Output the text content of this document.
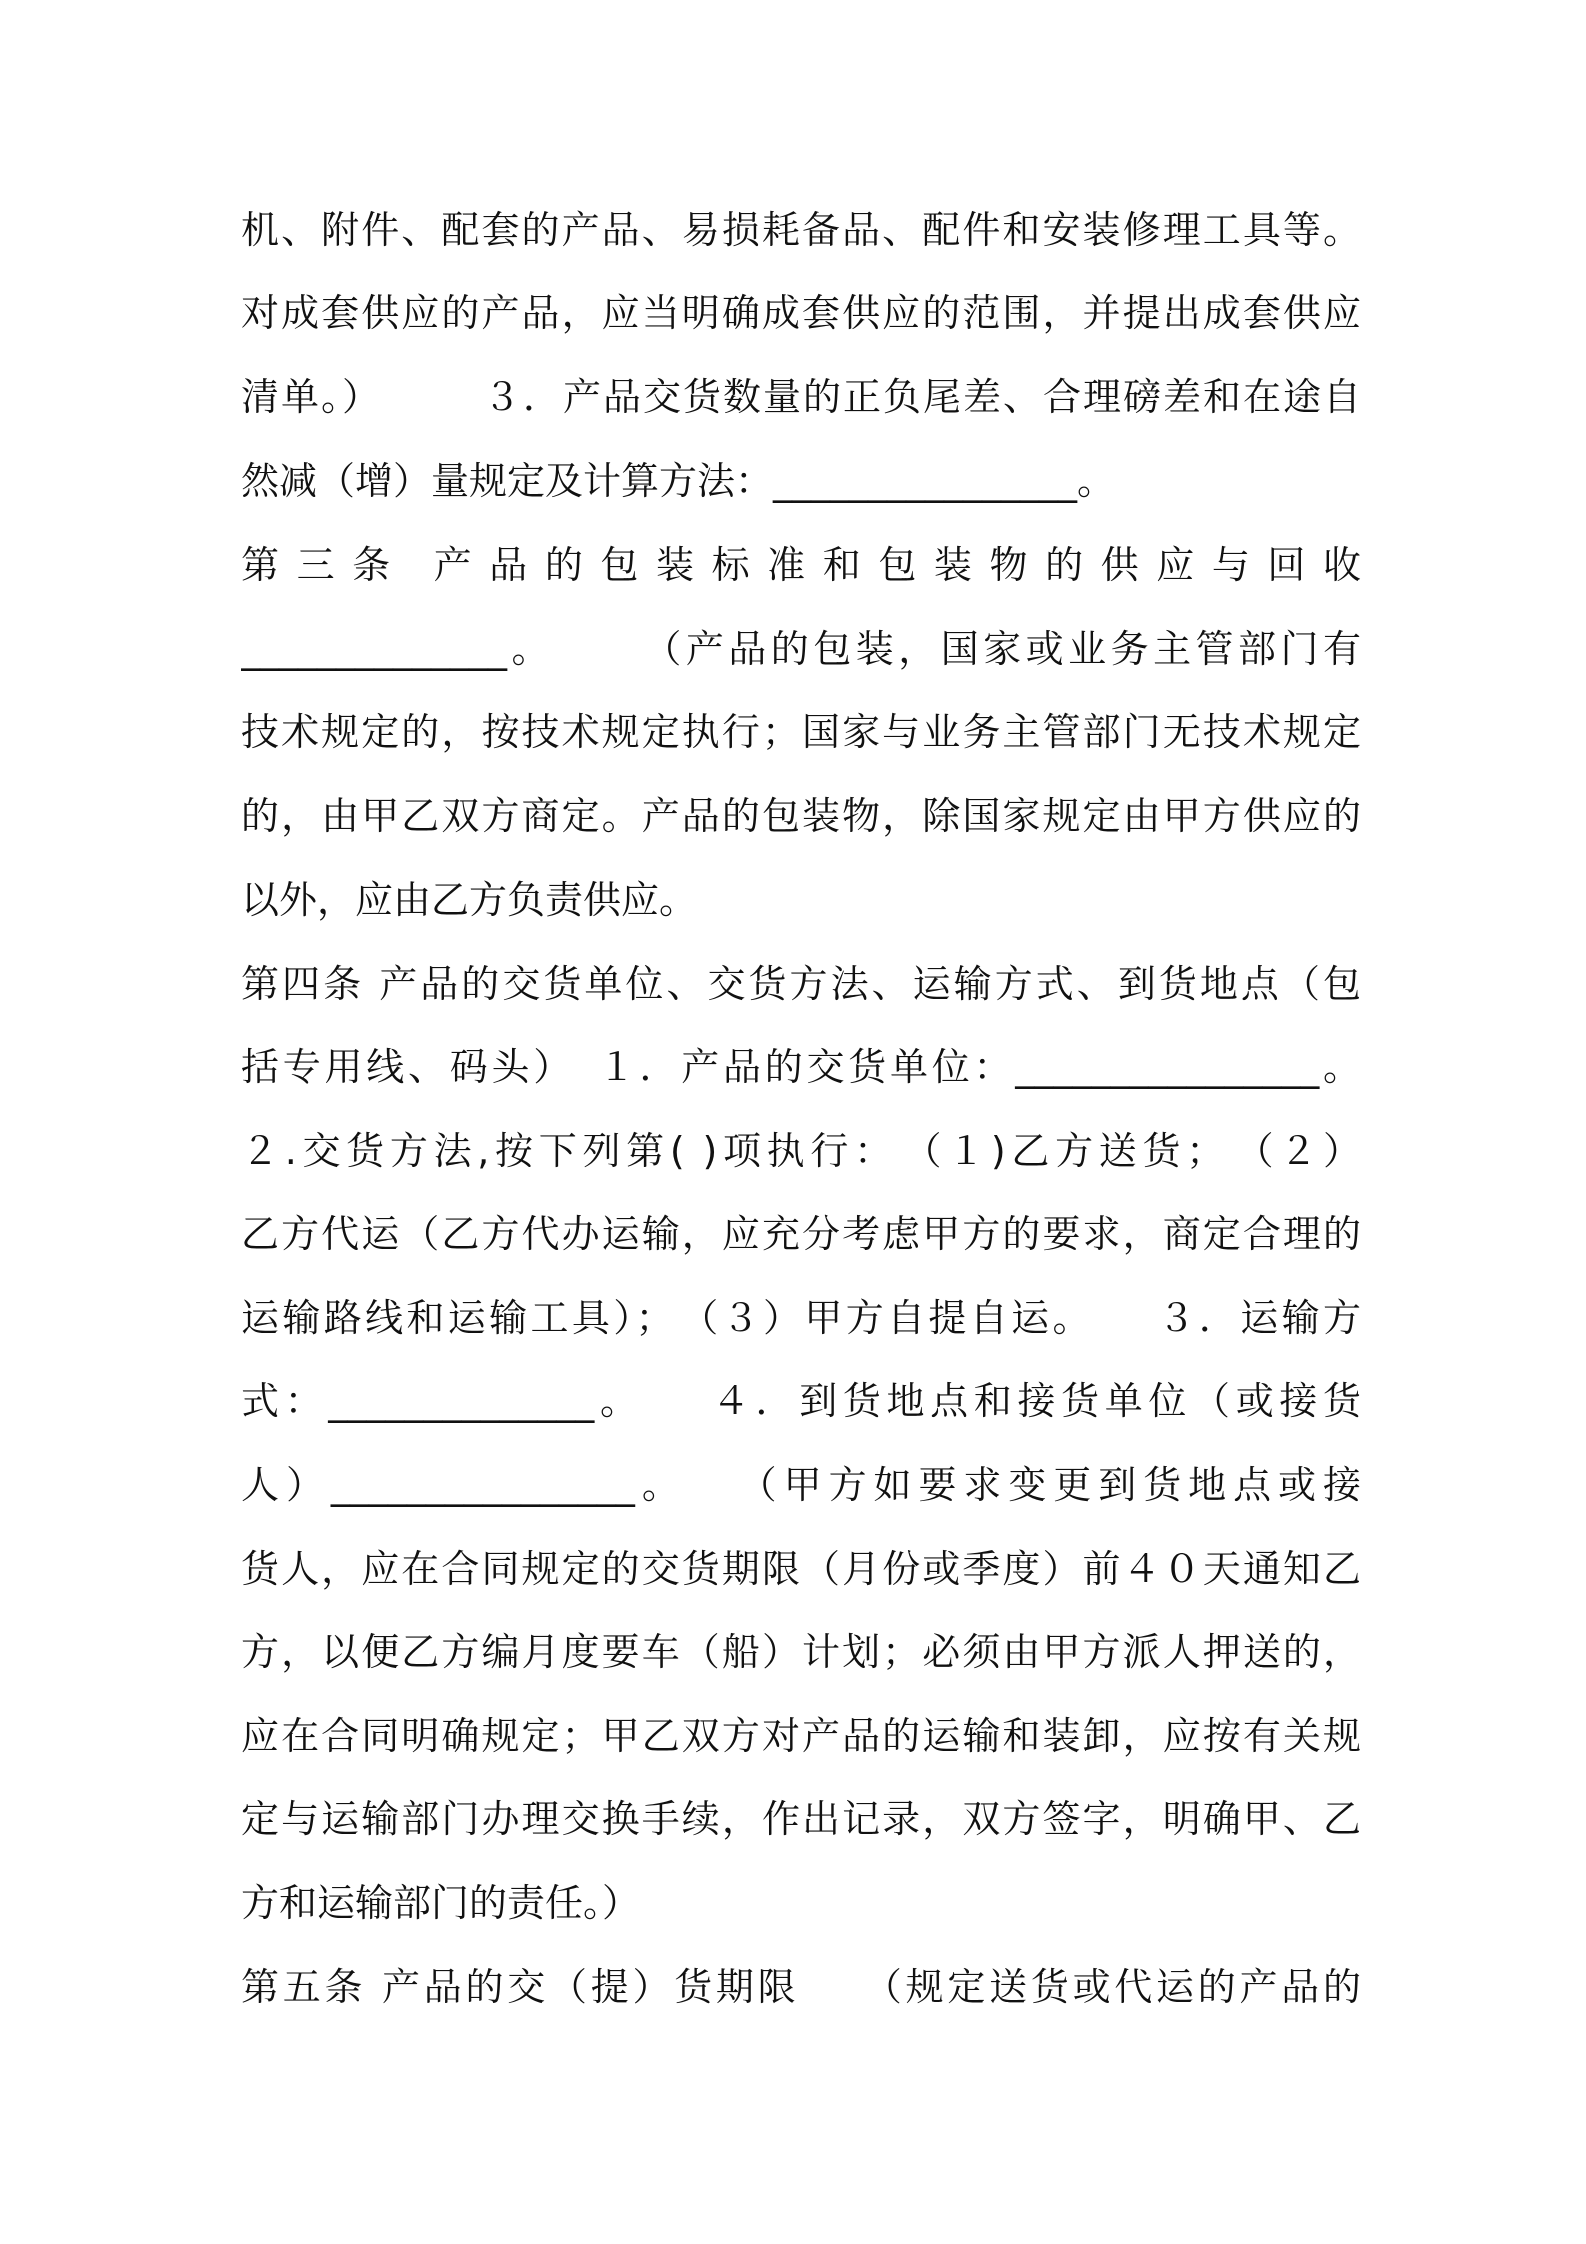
机、附件、配套的产品、易损耗备品、配件和安装修理工具等。
对成套供应的产品，应当明确成套供应的范围，并提出成套供应
清单。）　　　３．产品交货数量的正负尾差、合理磅差和在途自
然减（增）量规定及计算方法：________________。
第 三 条　产 品 的 包 装 标 准 和 包 装 物 的 供 应 与 回 收
______________。　　　（产品的包装，国家或业务主管部门有
技术规定的，按技术规定执行；国家与业务主管部门无技术规定
的，由甲乙双方商定。产品的包装物，除国家规定由甲方供应的
以外，应由乙方负责供应。
第四条 产品的交货单位、交货方法、运输方式、到货地点（包
括专用线、码头）　１．产品的交货单位：________________。
２.交货方法,按下列第( )项执行：　（１)乙方送货；　（２）
乙方代运（乙方代办运输，应充分考虑甲方的要求，商定合理的
运输路线和运输工具）；　（３）甲方自提自运。　　３．运输方
式：______________。　　４．到货地点和接货单位（或接货
人）________________。　　（甲方如要求变更到货地点或接
货人，应在合同规定的交货期限（月份或季度）前４０天通知乙
方，以便乙方编月度要车（船）计划；必须由甲方派人押送的，
应在合同明确规定；甲乙双方对产品的运输和装卸，应按有关规
定与运输部门办理交换手续，作出记录，双方签字，明确甲、乙
方和运输部门的责任。）
第五条 产品的交（提）货期限　　（规定送货或代运的产品的
